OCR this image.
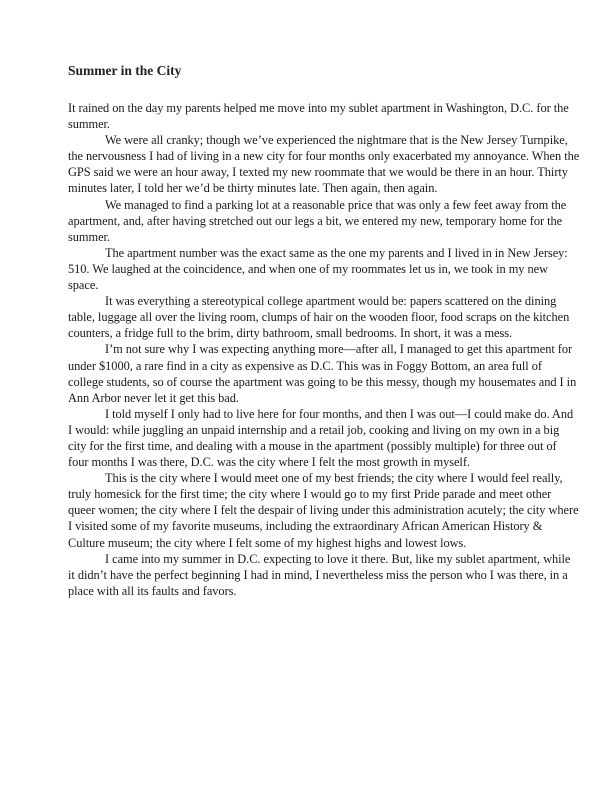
Summer in the City

It rained on the day my parents helped me move into my sublet apartment in Washington, D.C. for the summer.

We were all cranky; though we’ve experienced the nightmare that is the New Jersey Turnpike, the nervousness I had of living in a new city for four months only exacerbated my annoyance. When the GPS said we were an hour away, I texted my new roommate that we would be there in an hour. Thirty minutes later, I told her we’d be thirty minutes late. Then again, then again.

We managed to find a parking lot at a reasonable price that was only a few feet away from the apartment, and, after having stretched out our legs a bit, we entered my new, temporary home for the summer.

The apartment number was the exact same as the one my parents and I lived in in New Jersey: 510. We laughed at the coincidence, and when one of my roommates let us in, we took in my new space.

It was everything a stereotypical college apartment would be: papers scattered on the dining table, luggage all over the living room, clumps of hair on the wooden floor, food scraps on the kitchen counters, a fridge full to the brim, dirty bathroom, small bedrooms. In short, it was a mess.

I’m not sure why I was expecting anything more—after all, I managed to get this apartment for under $1000, a rare find in a city as expensive as D.C. This was in Foggy Bottom, an area full of college students, so of course the apartment was going to be this messy, though my housemates and I in Ann Arbor never let it get this bad.

I told myself I only had to live here for four months, and then I was out—I could make do. And I would: while juggling an unpaid internship and a retail job, cooking and living on my own in a big city for the first time, and dealing with a mouse in the apartment (possibly multiple) for three out of four months I was there, D.C. was the city where I felt the most growth in myself.

This is the city where I would meet one of my best friends; the city where I would feel really, truly homesick for the first time; the city where I would go to my first Pride parade and meet other queer women; the city where I felt the despair of living under this administration acutely; the city where I visited some of my favorite museums, including the extraordinary African American History & Culture museum; the city where I felt some of my highest highs and lowest lows.

I came into my summer in D.C. expecting to love it there. But, like my sublet apartment, while it didn’t have the perfect beginning I had in mind, I nevertheless miss the person who I was there, in a place with all its faults and favors.
